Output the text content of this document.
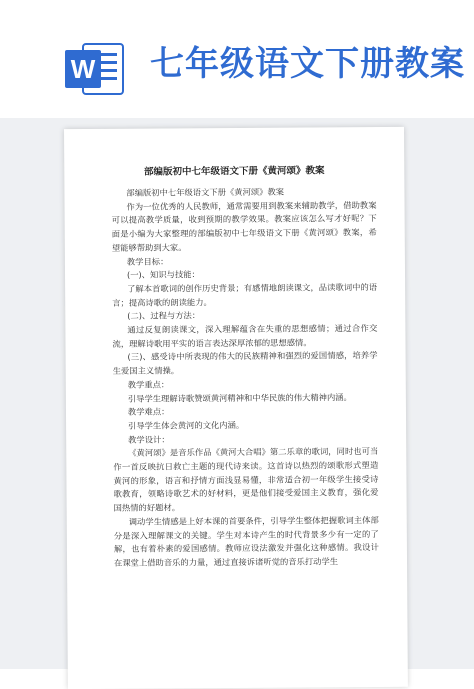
W 七年级语文下册教案
部编版初中七年级语文下册《黄河颂》教案

部编版初中七年级语文下册《黄河颂》教案

作为一位优秀的人民教师，通常需要用到教案来辅助教学，借助教案可以提高教学质量，收到预期的教学效果。教案应该怎么写才好呢？下面是小编为大家整理的部编版初中七年级语文下册《黄河颂》教案，希望能够帮助到大家。

教学目标：

(一)、知识与技能：

了解本首歌词的创作历史背景；有感情地朗读课文，品读歌词中的语言；提高诗歌的朗读能力。

(二)、过程与方法：

通过反复朗读课文，深入理解蕴含在失重的思想感情；通过合作交流，理解诗歌用平实的语言表达深厚浓郁的思想感情。

(三)、感受诗中所表现的伟大的民族精神和强烈的爱国情感，培养学生爱国主义情操。

教学重点：

引导学生理解诗歌赞颂黄河精神和中华民族的伟大精神内涵。

教学难点：

引导学生体会黄河的文化内涵。

教学设计：

《黄河颂》是音乐作品《黄河大合唱》第二乐章的歌词，同时也可当作一首反映抗日救亡主题的现代诗来读。这首诗以热烈的颂歌形式塑造黄河的形象，语言和抒情方面浅显易懂，非常适合初一年级学生接受诗歌教育，领略诗歌艺术的好材料，更是他们接受爱国主义教育，强化爱国热情的好题材。

调动学生情感是上好本课的首要条件，引导学生整体把握歌词主体部分是深入理解课文的关键。学生对本诗产生的时代背景多少有一定的了解，也有着朴素的爱国感情。教师应设法激发并强化这种感情。我设计在课堂上借助音乐的力量，通过直接诉诸听觉的音乐打动学生
